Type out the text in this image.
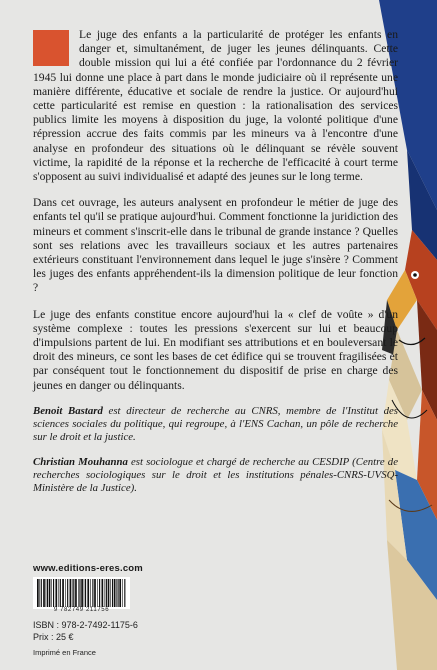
Le juge des enfants a la particularité de protéger les enfants en danger et, simultanément, de juger les jeunes délinquants. Cette double mission qui lui a été confiée par l'ordonnance du 2 février 1945 lui donne une place à part dans le monde judiciaire où il représente une manière différente, éducative et sociale de rendre la justice. Or aujourd'hui cette particularité est remise en question : la rationalisation des services publics limite les moyens à disposition du juge, la volonté politique d'une répression accrue des faits commis par les mineurs va à l'encontre d'une analyse en profondeur des situations où le délinquant se révèle souvent victime, la rapidité de la réponse et la recherche de l'efficacité à court terme s'opposent au suivi individualisé et adapté des jeunes sur le long terme.
Dans cet ouvrage, les auteurs analysent en profondeur le métier de juge des enfants tel qu'il se pratique aujourd'hui. Comment fonctionne la juridiction des mineurs et comment s'inscrit-elle dans le tribunal de grande instance ? Quelles sont ses relations avec les travailleurs sociaux et les autres partenaires extérieurs constituant l'environnement dans lequel le juge s'insère ? Comment les juges des enfants appréhendent-ils la dimension politique de leur fonction ?
Le juge des enfants constitue encore aujourd'hui la « clef de voûte » d'un système complexe : toutes les pressions s'exercent sur lui et beaucoup d'impulsions partent de lui. En modifiant ses attributions et en bouleversant le droit des mineurs, ce sont les bases de cet édifice qui se trouvent fragilisées et par conséquent tout le fonctionnement du dispositif de prise en charge des jeunes en danger ou délinquants.
Benoit Bastard est directeur de recherche au CNRS, membre de l'Institut des sciences sociales du politique, qui regroupe, à l'ENS Cachan, un pôle de recherche sur le droit et la justice.
Christian Mouhanna est sociologue et chargé de recherche au CESDIP (Centre de recherches sociologiques sur le droit et les institutions pénales-CNRS-UVSQ-Ministère de la Justice).
www.editions-eres.com
9 782749 211756
ISBN : 978-2-7492-1175-6
Prix : 25 €
Imprimé en France
